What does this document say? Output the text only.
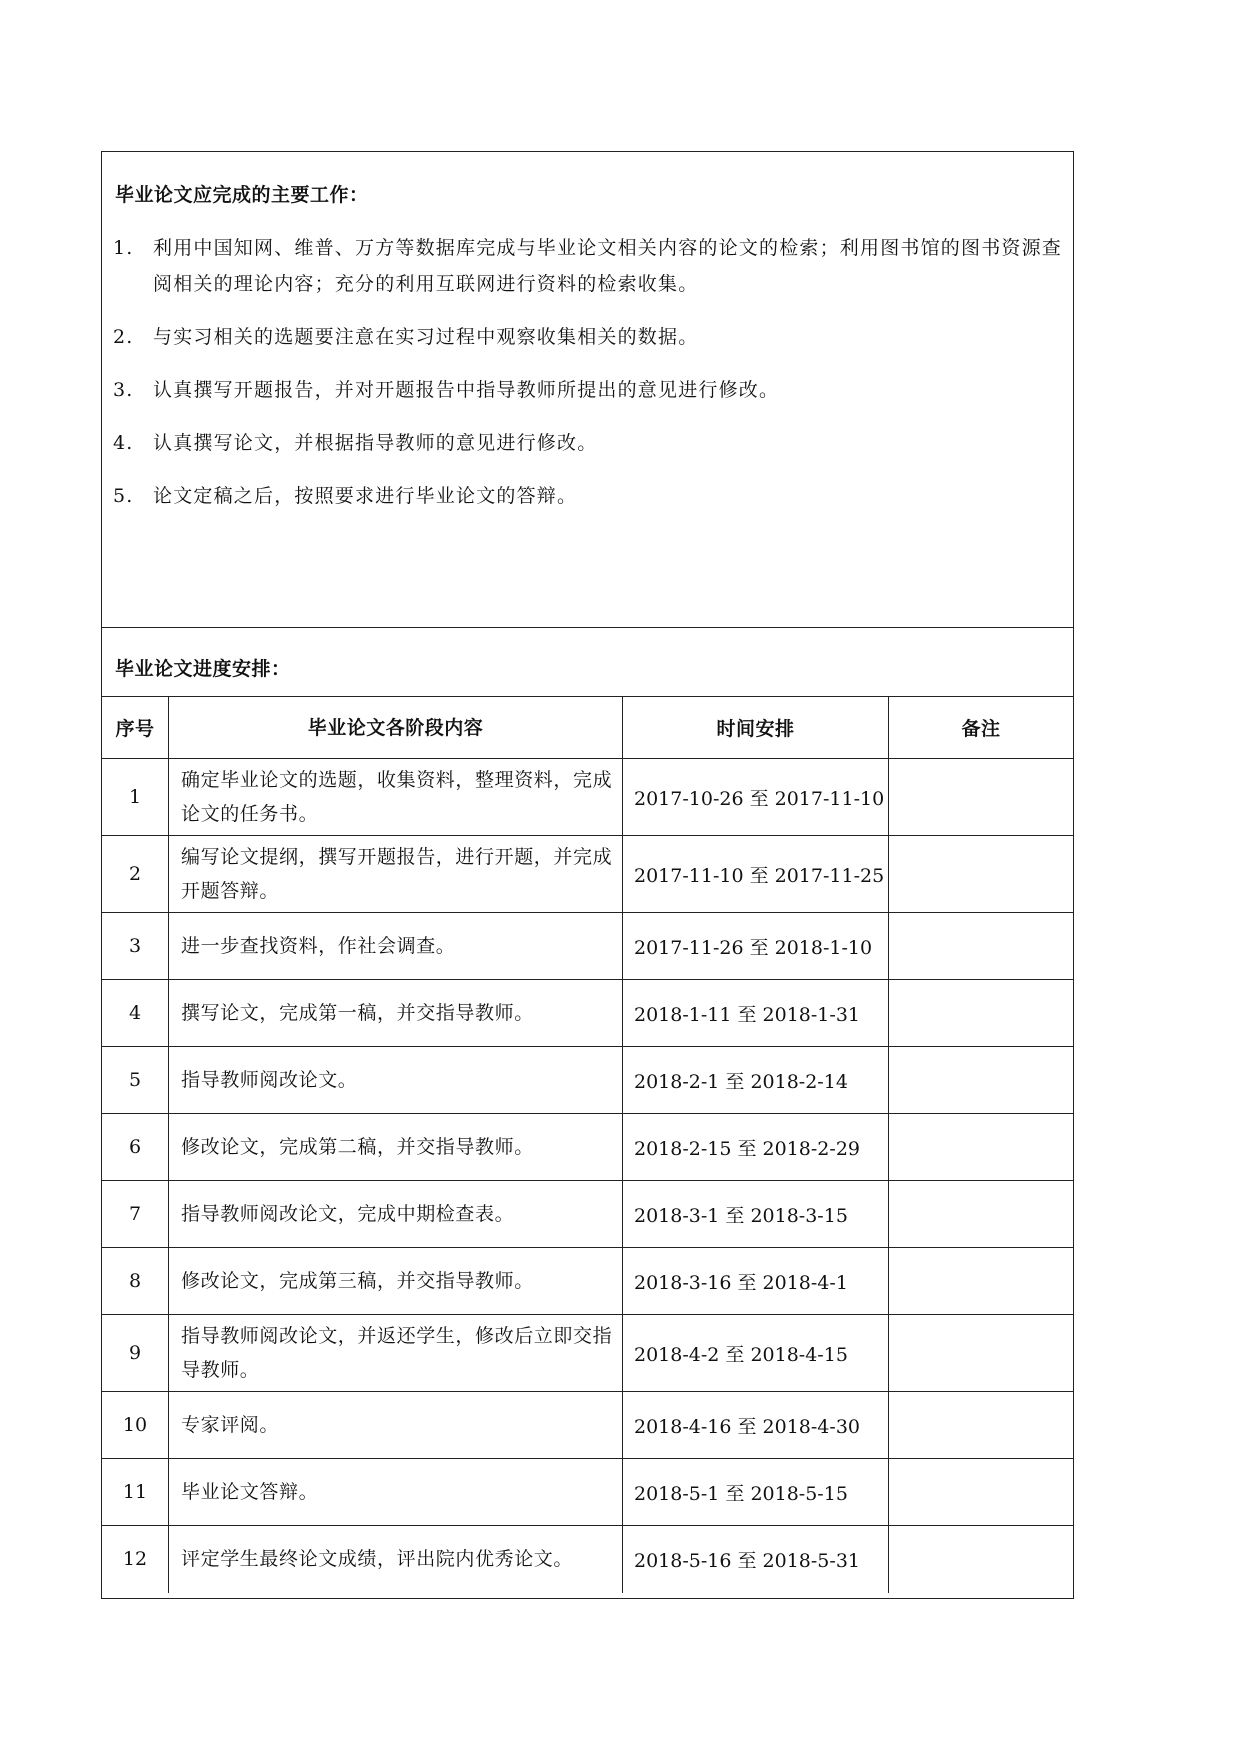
毕业论文应完成的主要工作：
1. 利用中国知网、维普、万方等数据库完成与毕业论文相关内容的论文的检索；利用图书馆的图书资源查阅相关的理论内容；充分的利用互联网进行资料的检索收集。
2. 与实习相关的选题要注意在实习过程中观察收集相关的数据。
3. 认真撰写开题报告，并对开题报告中指导教师所提出的意见进行修改。
4. 认真撰写论文，并根据指导教师的意见进行修改。
5. 论文定稿之后，按照要求进行毕业论文的答辩。
毕业论文进度安排：
序号	毕业论文各阶段内容	时间安排	备注
1	确定毕业论文的选题，收集资料，整理资料，完成论文的任务书。	2017-10-26 至 2017-11-10	
2	编写论文提纲，撰写开题报告，进行开题，并完成开题答辩。	2017-11-10 至 2017-11-25	
3	进一步查找资料，作社会调查。	2017-11-26 至 2018-1-10	
4	撰写论文，完成第一稿，并交指导教师。	2018-1-11 至 2018-1-31	
5	指导教师阅改论文。	2018-2-1 至 2018-2-14	
6	修改论文，完成第二稿，并交指导教师。	2018-2-15 至 2018-2-29	
7	指导教师阅改论文，完成中期检查表。	2018-3-1 至 2018-3-15	
8	修改论文，完成第三稿，并交指导教师。	2018-3-16 至 2018-4-1	
9	指导教师阅改论文，并返还学生，修改后立即交指导教师。	2018-4-2 至 2018-4-15	
10	专家评阅。	2018-4-16 至 2018-4-30	
11	毕业论文答辩。	2018-5-1 至 2018-5-15	
12	评定学生最终论文成绩，评出院内优秀论文。	2018-5-16 至 2018-5-31	
